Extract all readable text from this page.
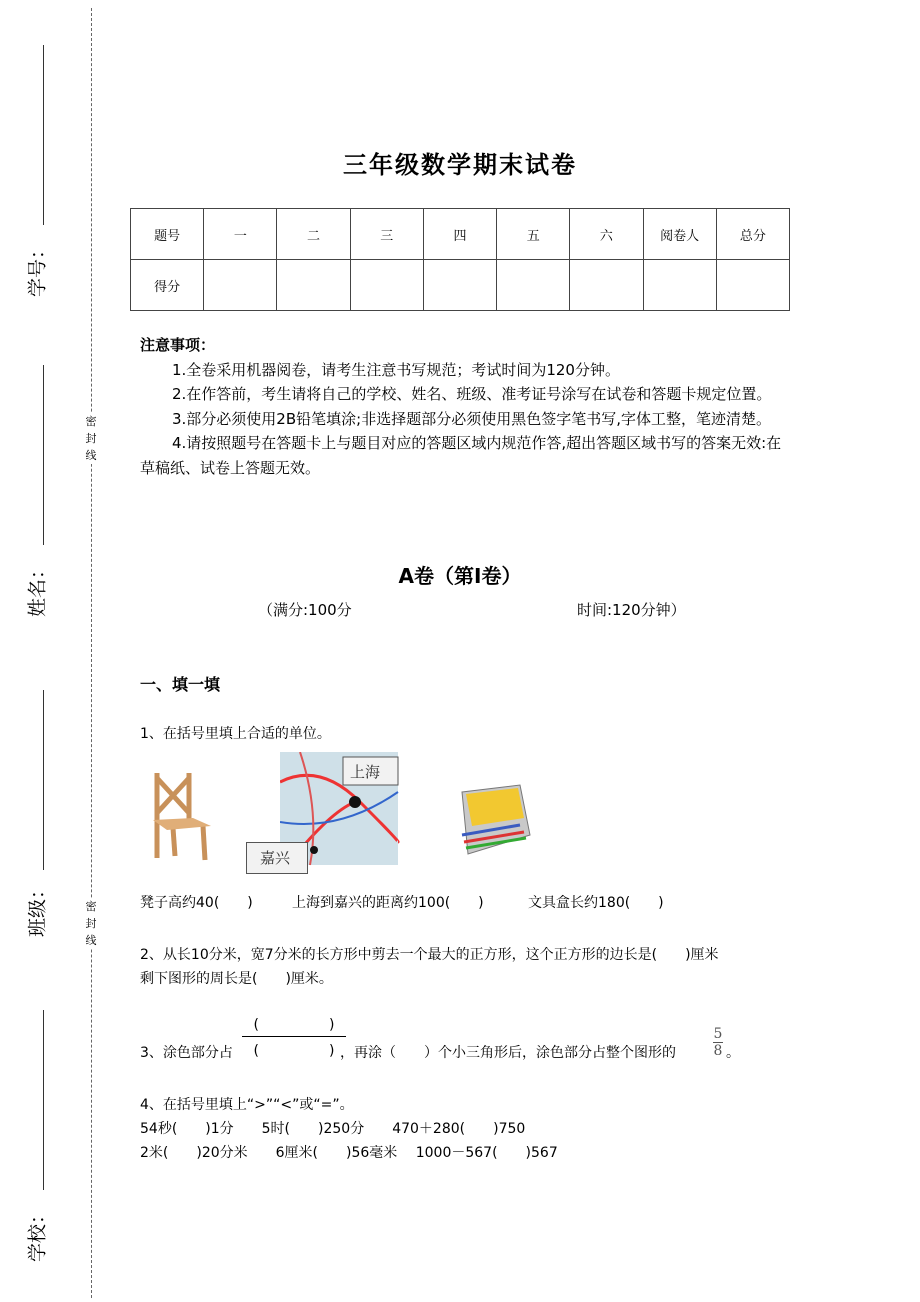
密封线
密封线
学号：
姓名：
班级：
学校：
三年级数学期末试卷
题号	一	二	三	四	五	六	阅卷人	总分
得分								
注意事项：

1.全卷采用机器阅卷，请考生注意书写规范；考试时间为120分钟。

2.在作答前，考生请将自己的学校、姓名、班级、准考证号涂写在试卷和答题卡规定位置。

3.部分必须使用2B铅笔填涂;非选择题部分必须使用黑色签字笔书写,字体工整，笔迹清楚。

4.请按照题号在答题卡上与题目对应的答题区域内规范作答,超出答题区域书写的答案无效:在草稿纸、试卷上答题无效。

A卷（第Ⅰ卷）
（满分:100分	时间:120分钟）
一、填一填
1、在括号里填上合适的单位。
上海
嘉兴
凳子高约40(　　)	上海到嘉兴的距离约100(　　)	文具盒长约180(　　)
2、从长10分米，宽7分米的长方形中剪去一个最大的正方形，这个正方形的边长是(　　)厘米
剩下图形的周长是(　　)厘米。
3、涂色部分占
(　　　　　)
(　　　　　) ，再涂（　　）个小三角形后，涂色部分占整个图形的	$\frac{5}{8}$ 。
4、在括号里填上“>”“<”或“=”。
54秒(　　)1分　　5时(　　)250分　　470＋280(　　)750
2米(　　)20分米　　6厘米(　　)56毫米　 1000－567(　　)567
